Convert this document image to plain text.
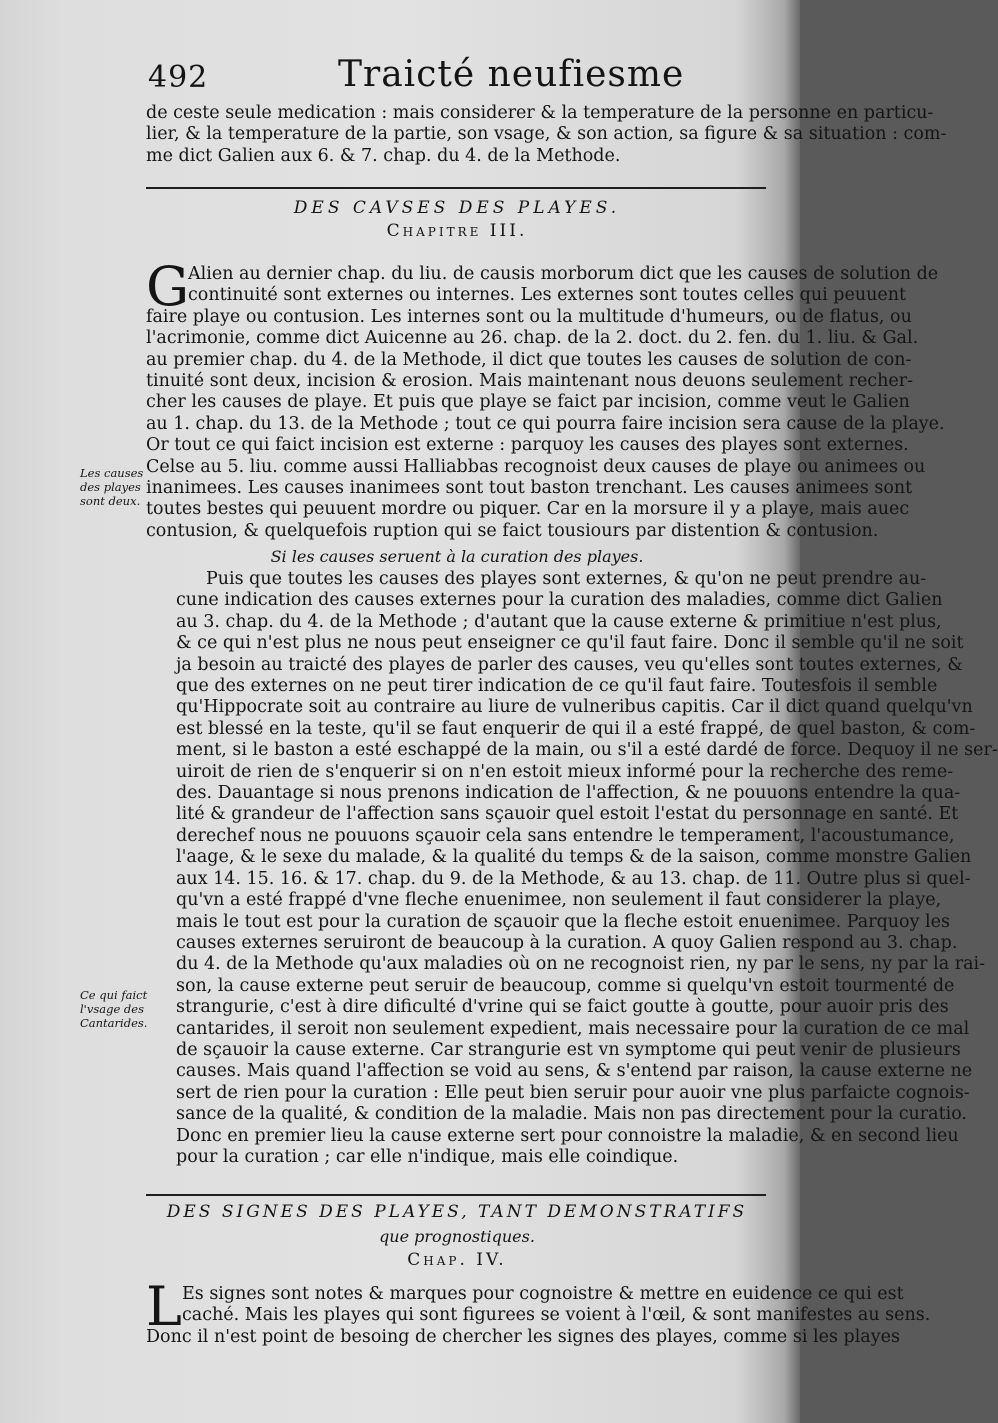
492	Traicté neufiesme
de ceste seule medication : mais considerer & la temperature de la personne en particu-
lier, & la temperature de la partie, son vsage, & son action, sa figure & sa situation : com-
me dict Galien aux 6. & 7. chap. du 4. de la Methode.
DES CAVSES DES PLAYES.
Chapitre III.
G
Alien au dernier chap. du liu. de causis morborum dict que les causes de solution de
continuité sont externes ou internes. Les externes sont toutes celles qui peuuent
faire playe ou contusion. Les internes sont ou la multitude d'humeurs, ou de flatus, ou
l'acrimonie, comme dict Auicenne au 26. chap. de la 2. doct. du 2. fen. du 1. liu. & Gal.
au premier chap. du 4. de la Methode, il dict que toutes les causes de solution de con-
tinuité sont deux, incision & erosion. Mais maintenant nous deuons seulement recher-
cher les causes de playe. Et puis que playe se faict par incision, comme veut le Galien
au 1. chap. du 13. de la Methode ; tout ce qui pourra faire incision sera cause de la playe.
Or tout ce qui faict incision est externe : parquoy les causes des playes sont externes.
Celse au 5. liu. comme aussi Halliabbas recognoist deux causes de playe ou animees ou
inanimees. Les causes inanimees sont tout baston trenchant. Les causes animees sont
toutes bestes qui peuuent mordre ou piquer. Car en la morsure il y a playe, mais auec
contusion, & quelquefois ruption qui se faict tousiours par distention & contusion.
Les causes
des playes
sont deux.
Si les causes seruent à la curation des playes.
Puis que toutes les causes des playes sont externes, & qu'on ne peut prendre au-
cune indication des causes externes pour la curation des maladies, comme dict Galien
au 3. chap. du 4. de la Methode ; d'autant que la cause externe & primitiue n'est plus,
& ce qui n'est plus ne nous peut enseigner ce qu'il faut faire. Donc il semble qu'il ne soit
ja besoin au traicté des playes de parler des causes, veu qu'elles sont toutes externes, &
que des externes on ne peut tirer indication de ce qu'il faut faire. Toutesfois il semble
qu'Hippocrate soit au contraire au liure de vulneribus capitis. Car il dict quand quelqu'vn
est blessé en la teste, qu'il se faut enquerir de qui il a esté frappé, de quel baston, & com-
ment, si le baston a esté eschappé de la main, ou s'il a esté dardé de force. Dequoy il ne ser-
uiroit de rien de s'enquerir si on n'en estoit mieux informé pour la recherche des reme-
des. Dauantage si nous prenons indication de l'affection, & ne pouuons entendre la qua-
lité & grandeur de l'affection sans sçauoir quel estoit l'estat du personnage en santé. Et
derechef nous ne pouuons sçauoir cela sans entendre le temperament, l'acoustumance,
l'aage, & le sexe du malade, & la qualité du temps & de la saison, comme monstre Galien
aux 14. 15. 16. & 17. chap. du 9. de la Methode, & au 13. chap. de 11. Outre plus si quel-
qu'vn a esté frappé d'vne fleche enuenimee, non seulement il faut considerer la playe,
mais le tout est pour la curation de sçauoir que la fleche estoit enuenimee. Parquoy les
causes externes seruiront de beaucoup à la curation. A quoy Galien respond au 3. chap.
du 4. de la Methode qu'aux maladies où on ne recognoist rien, ny par le sens, ny par la rai-
son, la cause externe peut seruir de beaucoup, comme si quelqu'vn estoit tourmenté de
strangurie, c'est à dire dificulté d'vrine qui se faict goutte à goutte, pour auoir pris des
cantarides, il seroit non seulement expedient, mais necessaire pour la curation de ce mal
de sçauoir la cause externe. Car strangurie est vn symptome qui peut venir de plusieurs
causes. Mais quand l'affection se void au sens, & s'entend par raison, la cause externe ne
sert de rien pour la curation : Elle peut bien seruir pour auoir vne plus parfaicte cognois-
sance de la qualité, & condition de la maladie. Mais non pas directement pour la curatio.
Donc en premier lieu la cause externe sert pour connoistre la maladie, & en second lieu
pour la curation ; car elle n'indique, mais elle coindique.
Ce qui faict
l'vsage des
Cantarides.
DES SIGNES DES PLAYES, TANT DEMONSTRATIFS
que prognostiques.
Chap. IV.
L Es signes sont notes & marques pour cognoistre & mettre en euidence ce qui est
caché. Mais les playes qui sont figurees se voient à l'œil, & sont manifestes au sens.
Donc il n'est point de besoing de chercher les signes des playes, comme si les playes
